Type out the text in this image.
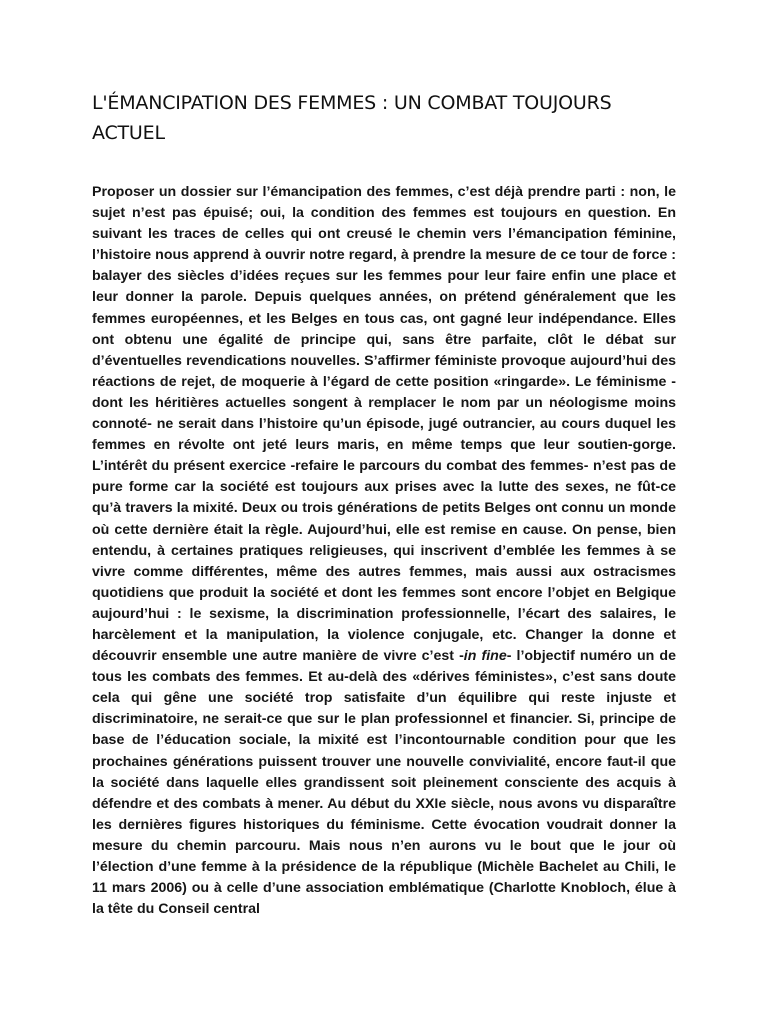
L'ÉMANCIPATION DES FEMMES : UN COMBAT TOUJOURS ACTUEL

Proposer un dossier sur l’émancipation des femmes, c’est déjà prendre parti : non, le sujet n’est pas épuisé; oui, la condition des femmes est toujours en question. En suivant les traces de celles qui ont creusé le chemin vers l’émancipation féminine, l’histoire nous apprend à ouvrir notre regard, à prendre la mesure de ce tour de force : balayer des siècles d’idées reçues sur les femmes pour leur faire enfin une place et leur donner la parole. Depuis quelques années, on prétend généralement que les femmes européennes, et les Belges en tous cas, ont gagné leur indépendance. Elles ont obtenu une égalité de principe qui, sans être parfaite, clôt le débat sur d’éventuelles revendications nouvelles. S’affirmer féministe provoque aujourd’hui des réactions de rejet, de moquerie à l’égard de cette position «ringarde». Le féminisme -dont les héritières actuelles songent à remplacer le nom par un néologisme moins connoté- ne serait dans l’histoire qu’un épisode, jugé outrancier, au cours duquel les femmes en révolte ont jeté leurs maris, en même temps que leur soutien-gorge. L’intérêt du présent exercice -refaire le parcours du combat des femmes- n’est pas de pure forme car la société est toujours aux prises avec la lutte des sexes, ne fût-ce qu’à travers la mixité. Deux ou trois générations de petits Belges ont connu un monde où cette dernière était la règle. Aujourd’hui, elle est remise en cause. On pense, bien entendu, à certaines pratiques religieuses, qui inscrivent d’emblée les femmes à se vivre comme différentes, même des autres femmes, mais aussi aux ostracismes quotidiens que produit la société et dont les femmes sont encore l’objet en Belgique aujourd’hui : le sexisme, la discrimination professionnelle, l’écart des salaires, le harcèlement et la manipulation, la violence conjugale, etc. Changer la donne et découvrir ensemble une autre manière de vivre c’est -in fine- l’objectif numéro un de tous les combats des femmes. Et au-delà des «dérives féministes», c’est sans doute cela qui gêne une société trop satisfaite d’un équilibre qui reste injuste et discriminatoire, ne serait-ce que sur le plan professionnel et financier. Si, principe de base de l’éducation sociale, la mixité est l’incontournable condition pour que les prochaines générations puissent trouver une nouvelle convivialité, encore faut-il que la société dans laquelle elles grandissent soit pleinement consciente des acquis à défendre et des combats à mener. Au début du XXIe siècle, nous avons vu disparaître les dernières figures historiques du féminisme. Cette évocation voudrait donner la mesure du chemin parcouru. Mais nous n’en aurons vu le bout que le jour où l’élection d’une femme à la présidence de la république (Michèle Bachelet au Chili, le 11 mars 2006) ou à celle d’une association emblématique (Charlotte Knobloch, élue à la tête du Conseil central
